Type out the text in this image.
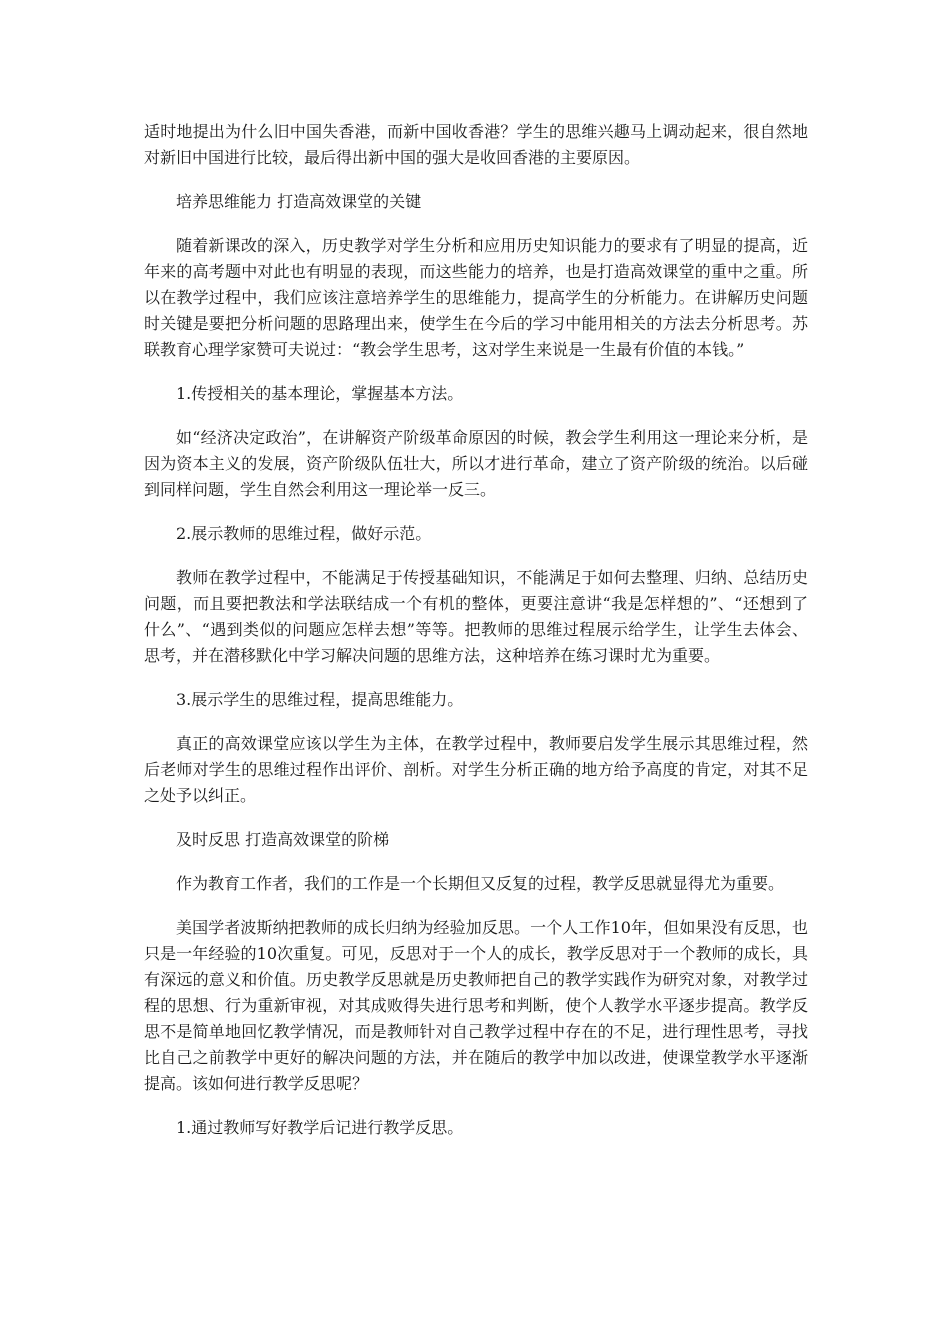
适时地提出为什么旧中国失香港，而新中国收香港？学生的思维兴趣马上调动起来，很自然地对新旧中国进行比较，最后得出新中国的强大是收回香港的主要原因。

培养思维能力 打造高效课堂的关键

随着新课改的深入，历史教学对学生分析和应用历史知识能力的要求有了明显的提高，近年来的高考题中对此也有明显的表现，而这些能力的培养，也是打造高效课堂的重中之重。所以在教学过程中，我们应该注意培养学生的思维能力，提高学生的分析能力。在讲解历史问题时关键是要把分析问题的思路理出来，使学生在今后的学习中能用相关的方法去分析思考。苏联教育心理学家赞可夫说过：“教会学生思考，这对学生来说是一生最有价值的本钱。”

1.传授相关的基本理论，掌握基本方法。

如“经济决定政治”，在讲解资产阶级革命原因的时候，教会学生利用这一理论来分析，是因为资本主义的发展，资产阶级队伍壮大，所以才进行革命，建立了资产阶级的统治。以后碰到同样问题，学生自然会利用这一理论举一反三。

2.展示教师的思维过程，做好示范。

教师在教学过程中，不能满足于传授基础知识，不能满足于如何去整理、归纳、总结历史问题，而且要把教法和学法联结成一个有机的整体，更要注意讲“我是怎样想的”、“还想到了什么”、“遇到类似的问题应怎样去想”等等。把教师的思维过程展示给学生，让学生去体会、思考，并在潜移默化中学习解决问题的思维方法，这种培养在练习课时尤为重要。

3.展示学生的思维过程，提高思维能力。

真正的高效课堂应该以学生为主体，在教学过程中，教师要启发学生展示其思维过程，然后老师对学生的思维过程作出评价、剖析。对学生分析正确的地方给予高度的肯定，对其不足之处予以纠正。

及时反思 打造高效课堂的阶梯

作为教育工作者，我们的工作是一个长期但又反复的过程，教学反思就显得尤为重要。

美国学者波斯纳把教师的成长归纳为经验加反思。一个人工作10年，但如果没有反思，也只是一年经验的10次重复。可见，反思对于一个人的成长，教学反思对于一个教师的成长，具有深远的意义和价值。历史教学反思就是历史教师把自己的教学实践作为研究对象，对教学过程的思想、行为重新审视，对其成败得失进行思考和判断，使个人教学水平逐步提高。教学反思不是简单地回忆教学情况，而是教师针对自己教学过程中存在的不足，进行理性思考，寻找比自己之前教学中更好的解决问题的方法，并在随后的教学中加以改进，使课堂教学水平逐渐提高。该如何进行教学反思呢？

1.通过教师写好教学后记进行教学反思。
